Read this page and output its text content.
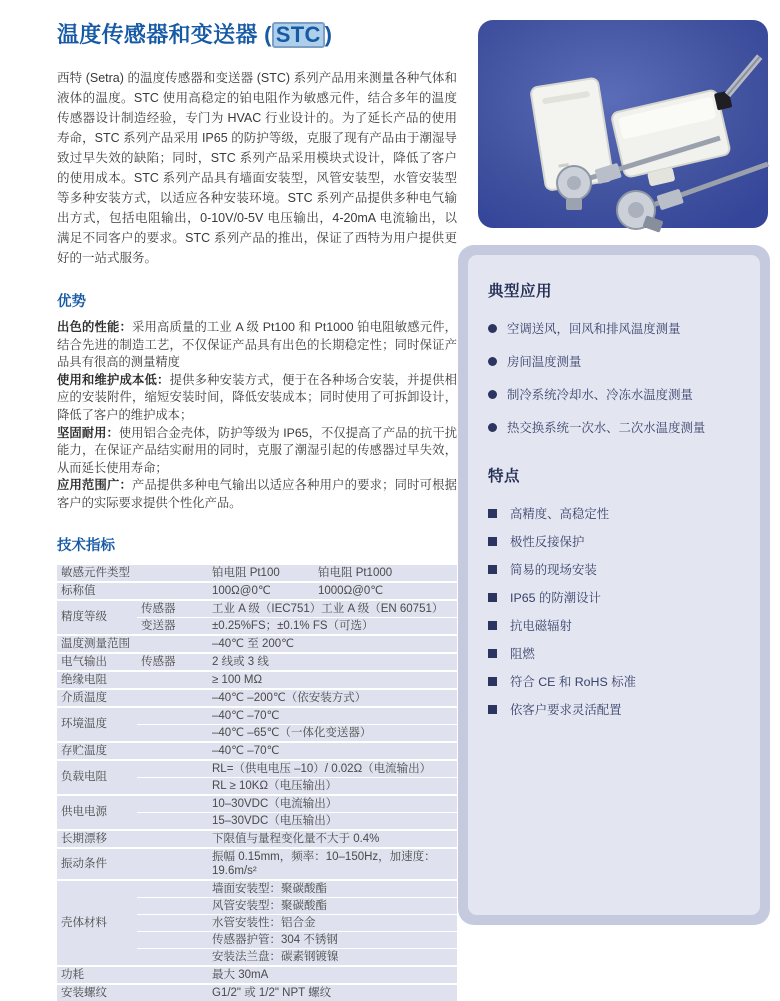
温度传感器和变送器 ( STC )

西特 (Setra) 的温度传感器和变送器 (STC) 系列产品用来测量各种气体和液体的温度。STC 使用高稳定的铂电阻作为敏感元件，结合多年的温度传感器设计制造经验，专门为 HVAC 行业设计的。为了延长产品的使用寿命，STC 系列产品采用 IP65 的防护等级，克服了现有产品由于潮湿导致过早失效的缺陷；同时，STC 系列产品采用模块式设计，降低了客户的使用成本。STC 系列产品具有墙面安装型，风管安装型，水管安装型等多种安装方式，以适应各种安装环境。STC 系列产品提供多种电气输出方式，包括电阻输出，0-10V/0-5V 电压输出，4-20mA 电流输出，以满足不同客户的要求。STC 系列产品的推出，保证了西特为用户提供更好的一站式服务。

优势

出色的性能：采用高质量的工业 A 级 Pt100 和 Pt1000 铂电阻敏感元件，结合先进的制造工艺，不仅保证产品具有出色的长期稳定性；同时保证产品具有很高的测量精度

使用和维护成本低：提供多种安装方式，便于在各种场合安装，并提供相应的安装附件，缩短安装时间，降低安装成本；同时使用了可拆卸设计，降低了客户的维护成本；

坚固耐用：使用铝合金壳体，防护等级为 IP65，不仅提高了产品的抗干扰能力，在保证产品结实耐用的同时，克服了潮湿引起的传感器过早失效，从而延长使用寿命；

应用范围广：产品提供多种电气输出以适应各种用户的要求；同时可根据客户的实际要求提供个性化产品。

技术指标
敏感元件类型		铂电阻 Pt100 铂电阻 Pt1000
标称值		100Ω@0℃ 1000Ω@0℃
精度等级	传感器	工业 A 级（IEC751）工业 A 级（EN 60751）
	变送器	±0.25%FS；±0.1% FS（可选）
温度测量范围		–40℃ 至 200℃
电气输出	传感器	2 线或 3 线
绝缘电阻		≥ 100 MΩ
介质温度		–40℃ –200℃（依安装方式）
环境温度		–40℃ –70℃
		–40℃ –65℃（一体化变送器）
存贮温度		–40℃ –70℃
负载电阻		RL=（供电电压 –10）/ 0.02Ω（电流输出）
		RL ≥ 10KΩ（电压输出）
供电电源		10–30VDC（电流输出）
		15–30VDC（电压输出）
长期漂移		下限值与量程变化量不大于 0.4%
振动条件		振幅 0.15mm，频率：10–150Hz，加速度：19.6m/s²
壳体材料		墙面安装型：聚碳酸酯
		风管安装型：聚碳酸酯
		水管安装性：铝合金
		传感器护管：304 不锈钢
		安装法兰盘：碳素钢镀镍
功耗		最大 30mA
安装螺纹		G1/2" 或 1/2" NPT 螺纹
典型应用
空调送风，回风和排风温度测量
房间温度测量
制冷系统冷却水、冷冻水温度测量
热交换系统一次水、二次水温度测量
特点
高精度、高稳定性
极性反接保护
简易的现场安装
IP65 的防潮设计
抗电磁辐射
阻燃
符合 CE 和 RoHS 标准
依客户要求灵活配置
